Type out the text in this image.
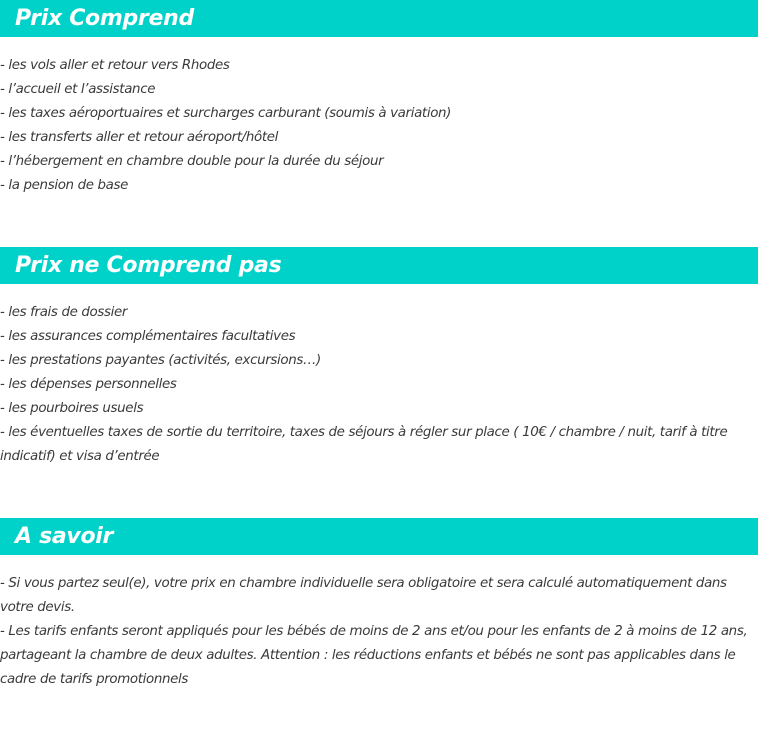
Prix Comprend
- les vols aller et retour vers Rhodes
- l’accueil et l’assistance
- les taxes aéroportuaires et surcharges carburant (soumis à variation)
- les transferts aller et retour aéroport/hôtel
- l’hébergement en chambre double pour la durée du séjour
- la pension de base
Prix ne Comprend pas
- les frais de dossier
- les assurances complémentaires facultatives
- les prestations payantes (activités, excursions…)
- les dépenses personnelles
- les pourboires usuels
- les éventuelles taxes de sortie du territoire, taxes de séjours à régler sur place ( 10€ / chambre / nuit, tarif à titre indicatif) et visa d’entrée
A savoir
- Si vous partez seul(e), votre prix en chambre individuelle sera obligatoire et sera calculé automatiquement dans votre devis.
- Les tarifs enfants seront appliqués pour les bébés de moins de 2 ans et/ou pour les enfants de 2 à moins de 12 ans, partageant la chambre de deux adultes. Attention : les réductions enfants et bébés ne sont pas applicables dans le cadre de tarifs promotionnels
